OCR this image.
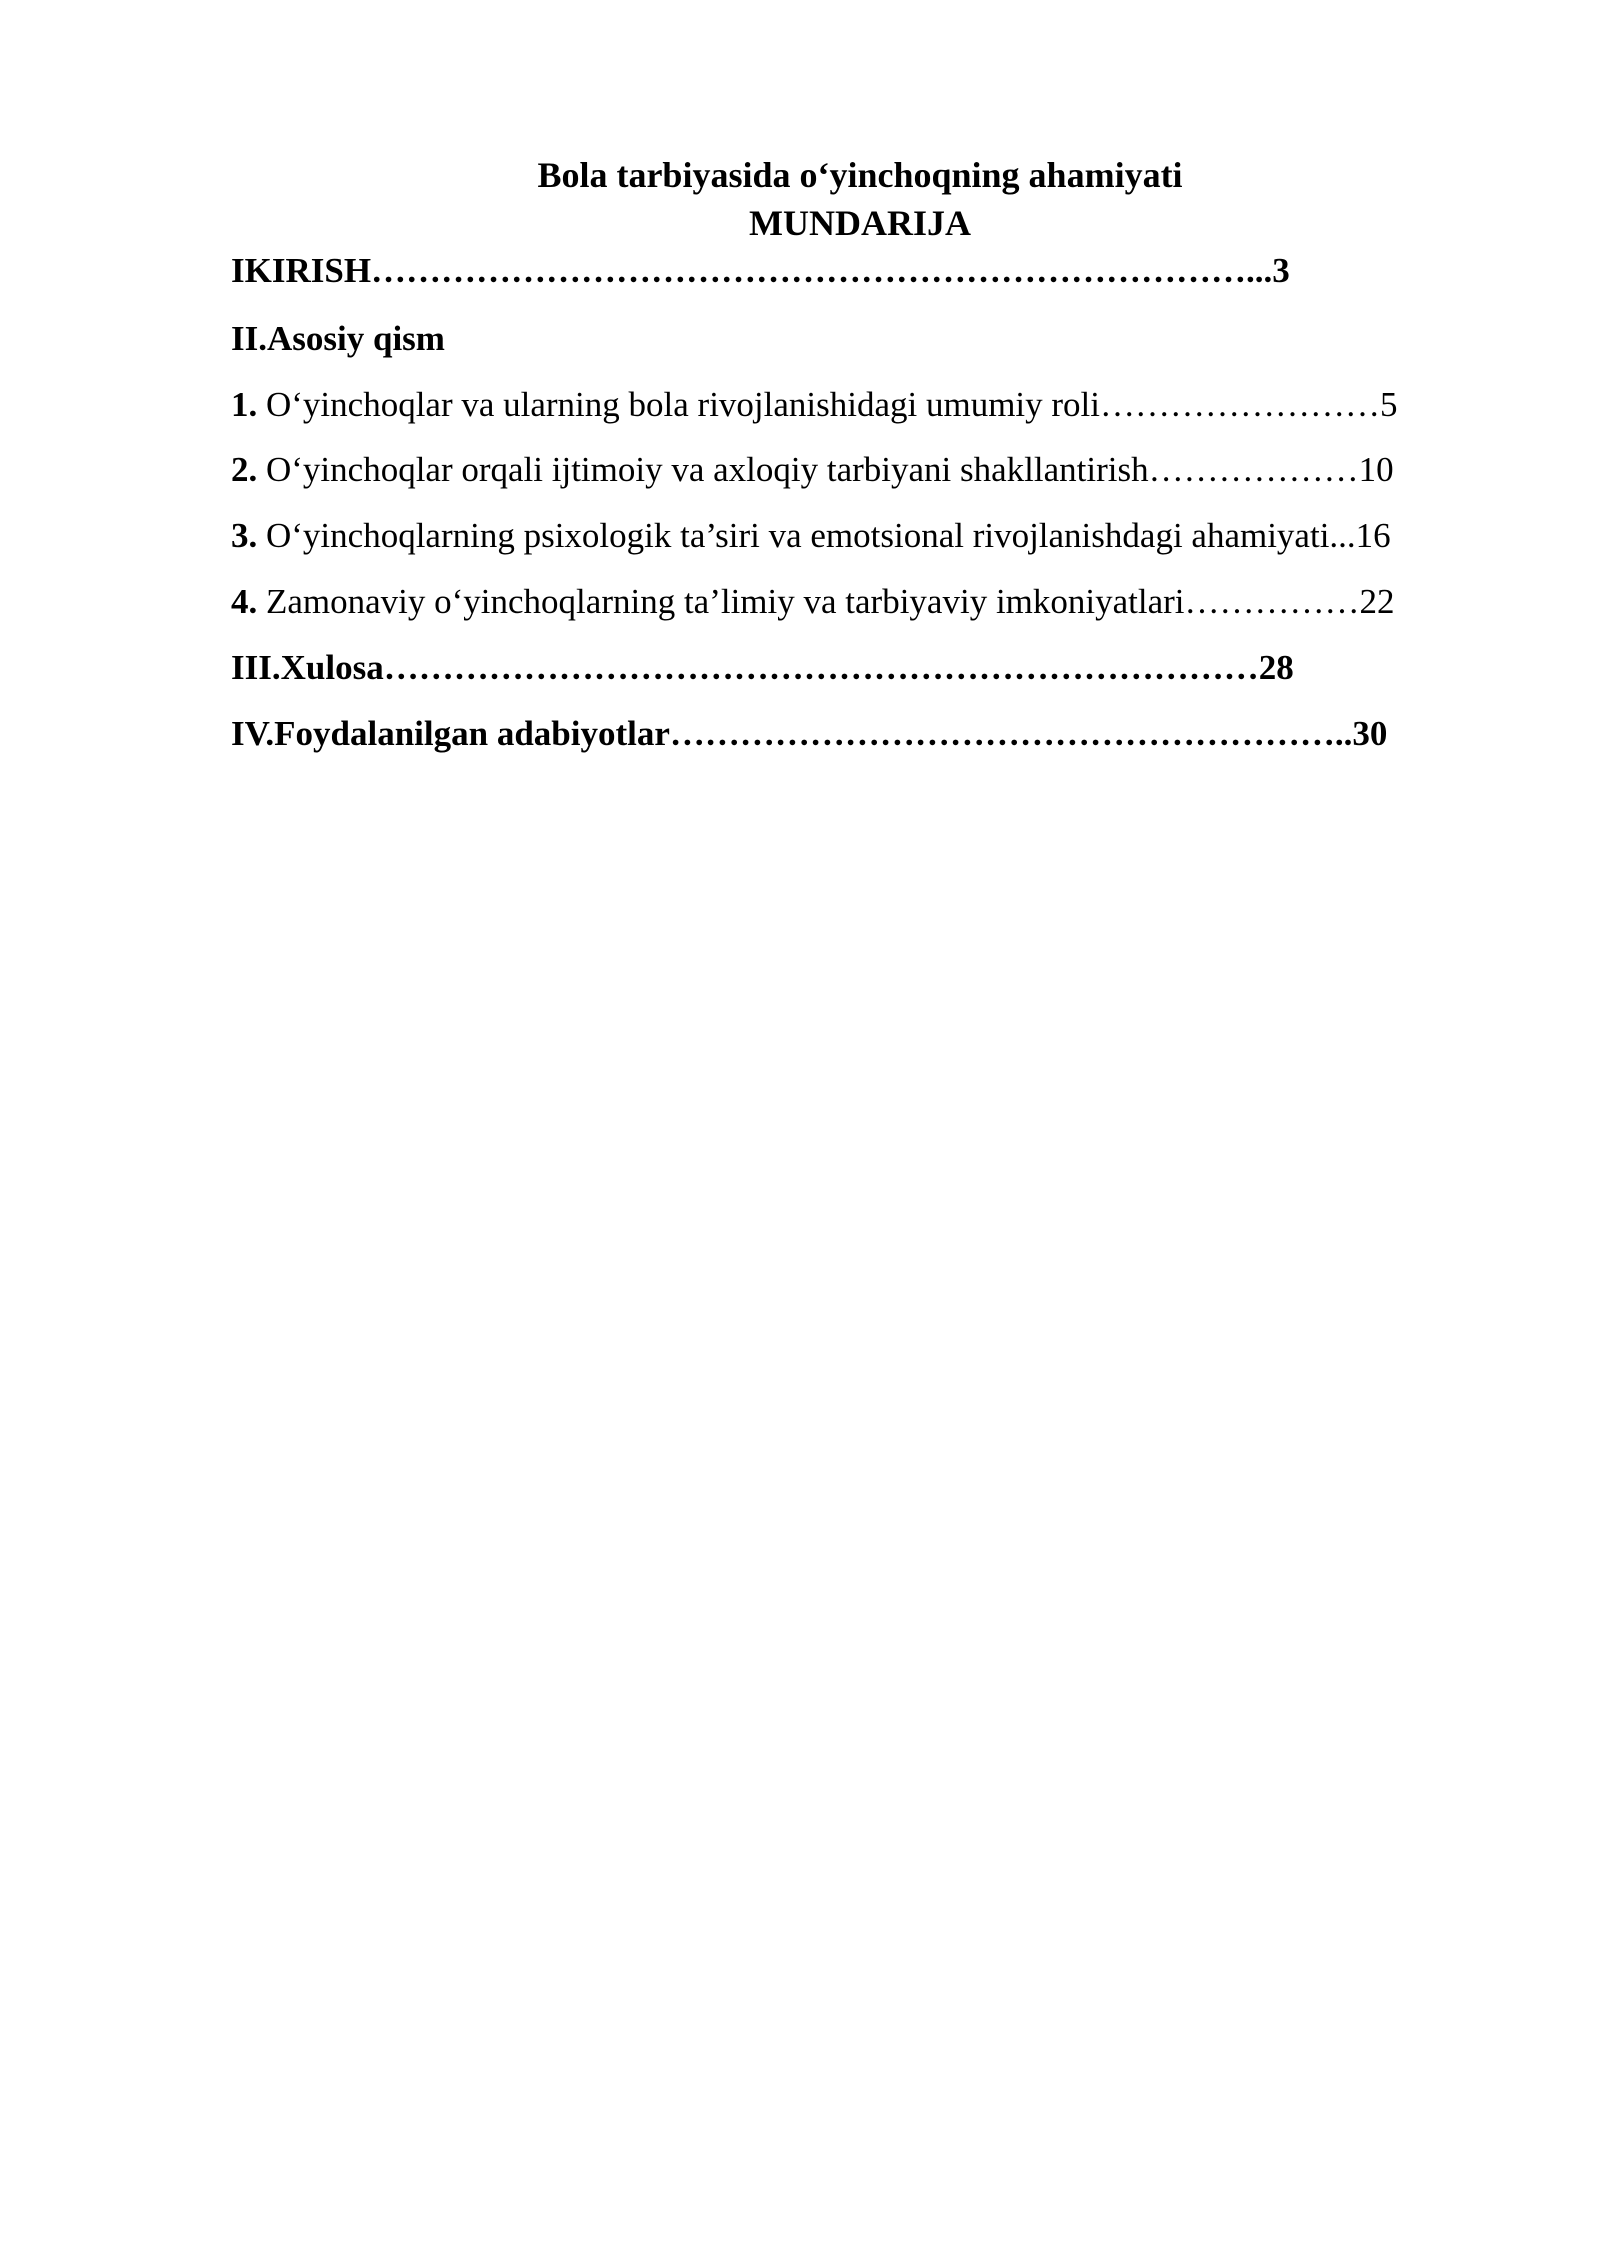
Bola tarbiyasida o‘yinchoqning ahamiyati
MUNDARIJA
IKIRISH…………………………………………………………………...3
II.Asosiy qism
1. O‘yinchoqlar va ularning bola rivojlanishidagi umumiy roli……………………5
2. O‘yinchoqlar orqali ijtimoiy va axloqiy tarbiyani shakllantirish………………10
3. O‘yinchoqlarning psixologik ta’siri va emotsional rivojlanishdagi ahamiyati...16
4. Zamonaviy o‘yinchoqlarning ta’limiy va tarbiyaviy imkoniyatlari……………22
III.Xulosa…………………………………………………………………28
IV.Foydalanilgan adabiyotlar…………………………………………………..30
